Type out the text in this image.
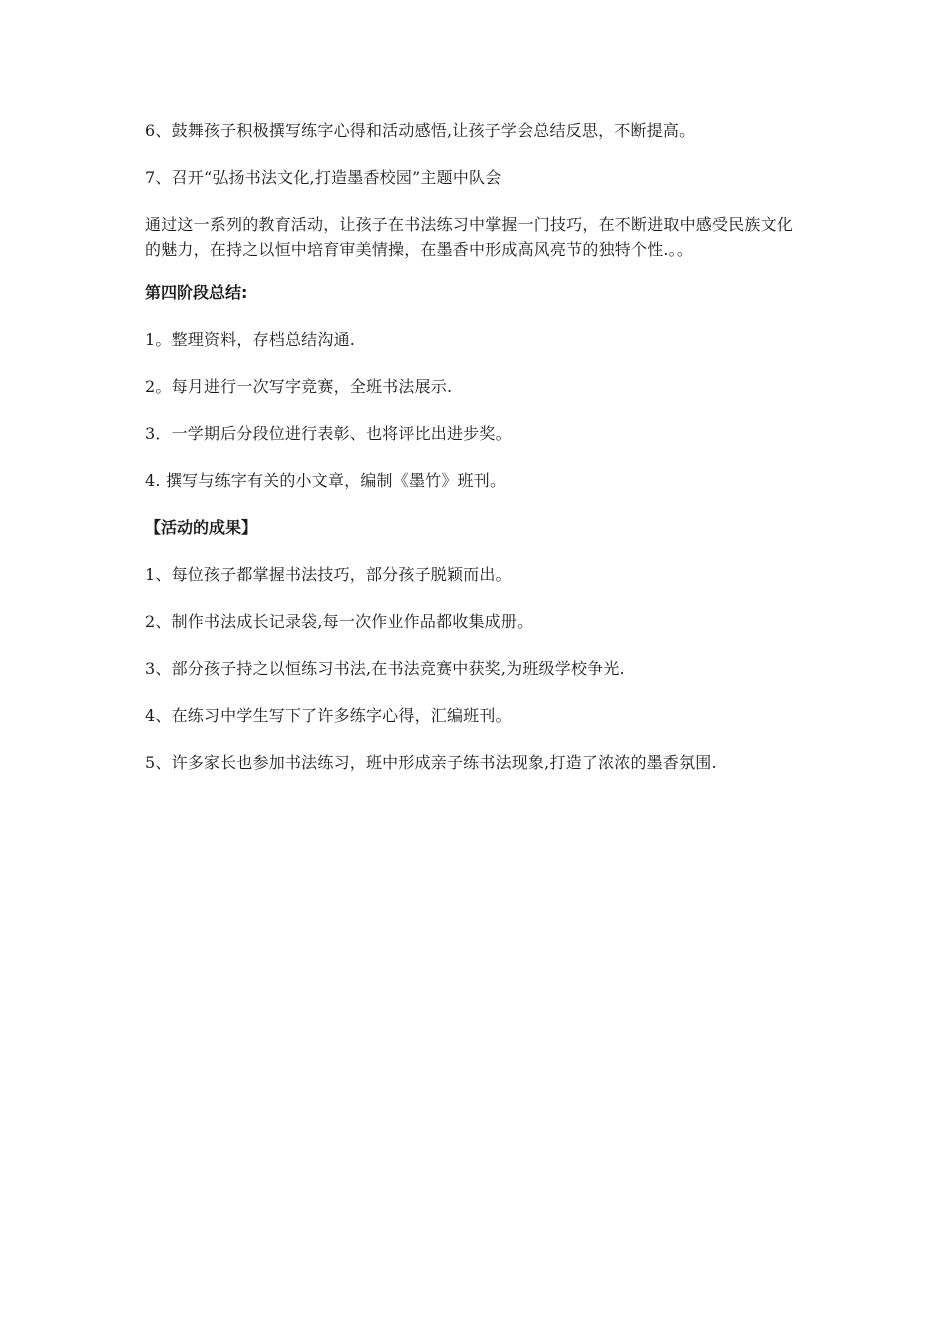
6、鼓舞孩子积极撰写练字心得和活动感悟,让孩子学会总结反思，不断提高。

7、召开“弘扬书法文化,打造墨香校园”主题中队会

通过这一系列的教育活动，让孩子在书法练习中掌握一门技巧，在不断进取中感受民族文化的魅力，在持之以恒中培育审美情操，在墨香中形成高风亮节的独特个性.。。

第四阶段总结:

1。整理资料，存档总结沟通.

2。每月进行一次写字竞赛，全班书法展示.

3．一学期后分段位进行表彰、也将评比出进步奖。

4. 撰写与练字有关的小文章，编制《墨竹》班刊。

【活动的成果】

1、每位孩子都掌握书法技巧，部分孩子脱颖而出。

2、制作书法成长记录袋,每一次作业作品都收集成册。

3、部分孩子持之以恒练习书法,在书法竞赛中获奖,为班级学校争光.

4、在练习中学生写下了许多练字心得，汇编班刊。

5、许多家长也参加书法练习，班中形成亲子练书法现象,打造了浓浓的墨香氛围.
